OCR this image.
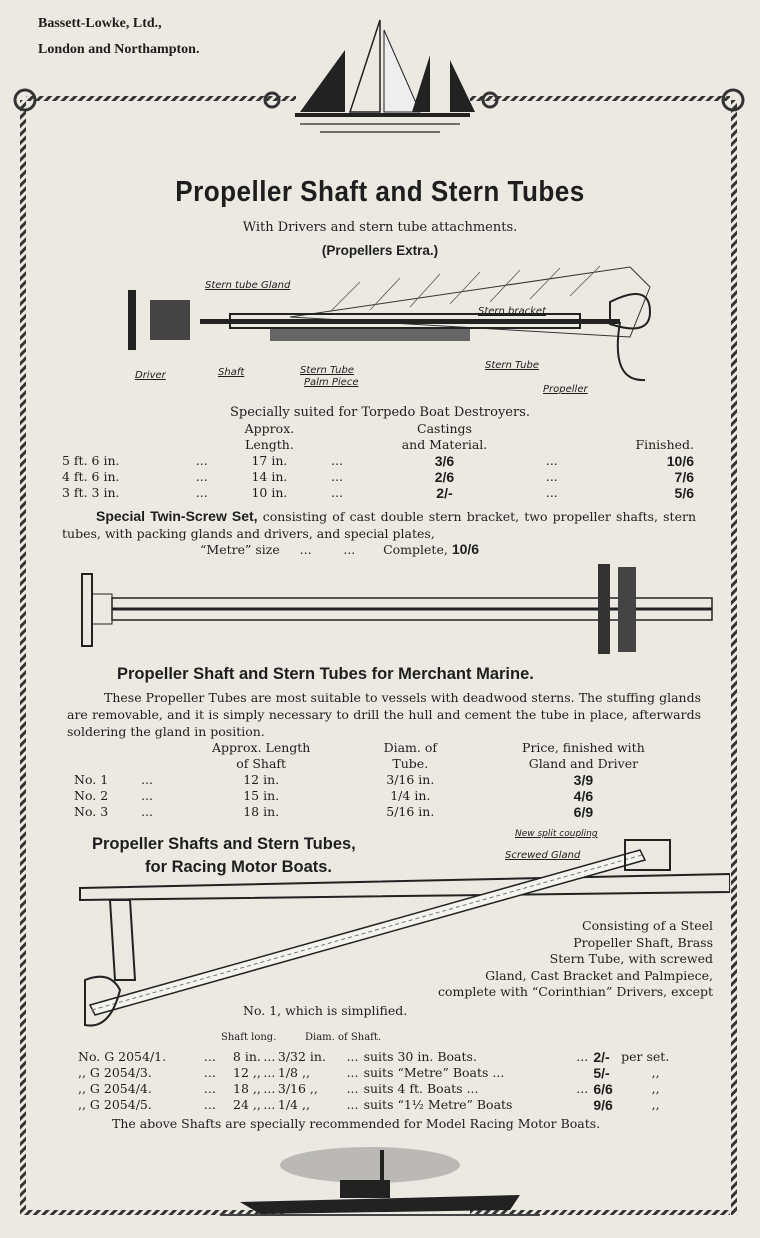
Bassett-Lowke, Ltd.,
London and Northampton.
Propeller Shaft and Stern Tubes
With Drivers and stern tube attachments.
(Propellers Extra.)
Stern tube Gland
Driver	Shaft	Stern Tube
Palm Piece
Stern bracket
Stern Tube
Propeller
Specially suited for Torpedo Boat Destroyers.
		Approx.		Castings		
		Length.		and Material.		Finished.
5 ft. 6 in.	...	17 in.	...	3/6	...	10/6
4 ft. 6 in.	...	14 in.	...	2/6	...	7/6
3 ft. 3 in.	...	10 in.	...	2/-	...	5/6
Special Twin-Screw Set, consisting of cast double stern bracket, two propeller shafts, stern tubes, with packing glands and drivers, and special plates,
“Metre” size ...	... Complete, 10/6
Propeller Shaft and Stern Tubes for Merchant Marine.
These Propeller Tubes are most suitable to vessels with deadwood sterns. The stuffing glands are removable, and it is simply necessary to drill the hull and cement the tube in place, afterwards soldering the gland in position.
		Approx. Length	Diam. of	Price, finished with
		of Shaft	Tube.	Gland and Driver
No. 1	...	12 in.	3/16 in.	3/9
No. 2	...	15 in.	1/4 in.	4/6
No. 3	...	18 in.	5/16 in.	6/9
Propeller Shafts and Stern Tubes,
for Racing Motor Boats.
New split coupling
Screwed Gland
Consisting of a Steel
Propeller Shaft, Brass
Stern Tube, with screwed
Gland, Cast Bracket and Palmpiece,
complete with “Corinthian” Drivers, except
No. 1, which is simplified.
Shaft long.	Diam. of Shaft.
No. G 2054/1.	...	8 in.	...	3/32 in.	...	suits 30 in. Boats.	...	2/-	per set.
,, G 2054/3.	...	12 ,,	...	1/8 ,,	...	suits “Metre” Boats ...		5/-	,,
,, G 2054/4.	...	18 ,,	...	3/16 ,,	...	suits 4 ft. Boats ...	...	6/6	,,
,, G 2054/5.	...	24 ,,	...	1/4 ,,	...	suits “1½ Metre” Boats		9/6	,,
The above Shafts are specially recommended for Model Racing Motor Boats.
